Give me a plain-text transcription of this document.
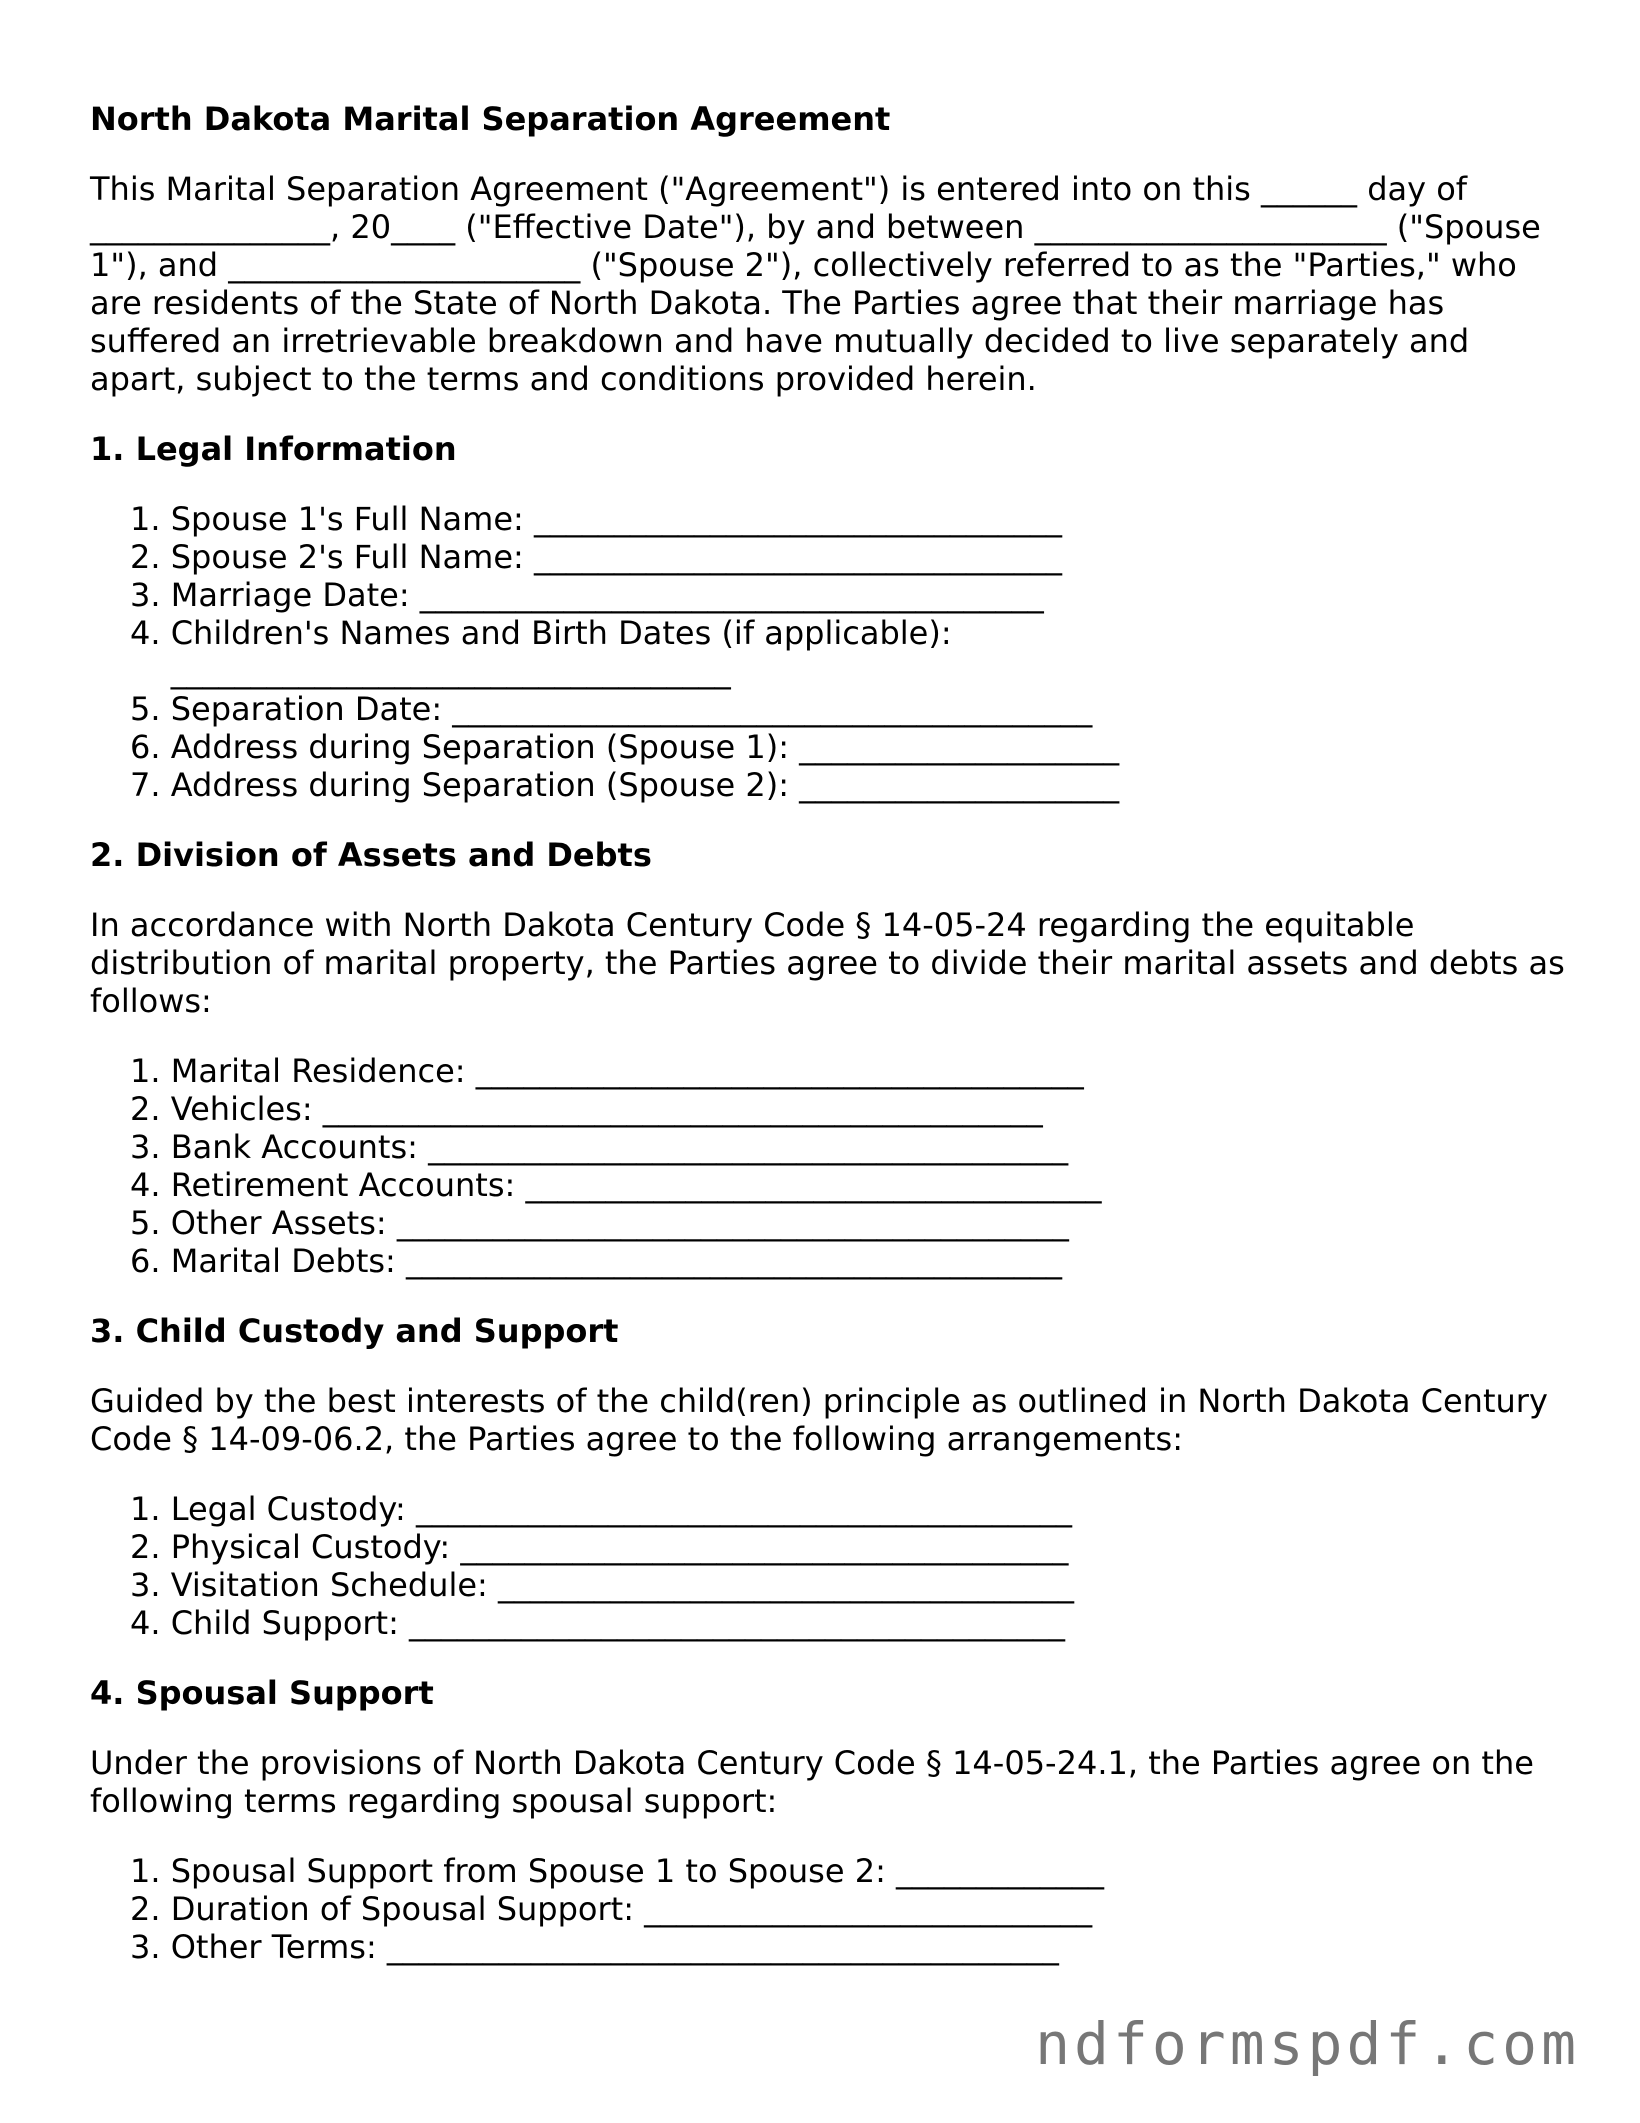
North Dakota Marital Separation Agreement

This Marital Separation Agreement ("Agreement") is entered into on this ______ day of _______________, 20____ ("Effective Date"), by and between ______________________ ("Spouse 1"), and ______________________ ("Spouse 2"), collectively referred to as the "Parties," who are residents of the State of North Dakota. The Parties agree that their marriage has suffered an irretrievable breakdown and have mutually decided to live separately and apart, subject to the terms and conditions provided herein.

1. Legal Information
1. Spouse 1's Full Name: _________________________________
2. Spouse 2's Full Name: _________________________________
3. Marriage Date: _______________________________________
4. Children's Names and Birth Dates (if applicable):
___________________________________
5. Separation Date: ________________________________________
6. Address during Separation (Spouse 1): ____________________
7. Address during Separation (Spouse 2): ____________________
2. Division of Assets and Debts

In accordance with North Dakota Century Code § 14-05-24 regarding the equitable distribution of marital property, the Parties agree to divide their marital assets and debts as follows:

1. Marital Residence: ______________________________________
2. Vehicles: _____________________________________________
3. Bank Accounts: ________________________________________
4. Retirement Accounts: ____________________________________
5. Other Assets: __________________________________________
6. Marital Debts: _________________________________________
3. Child Custody and Support

Guided by the best interests of the child(ren) principle as outlined in North Dakota Century Code § 14-09-06.2, the Parties agree to the following arrangements:

1. Legal Custody: _________________________________________
2. Physical Custody: ______________________________________
3. Visitation Schedule: ____________________________________
4. Child Support: _________________________________________
4. Spousal Support

Under the provisions of North Dakota Century Code § 14-05-24.1, the Parties agree on the following terms regarding spousal support:

1. Spousal Support from Spouse 1 to Spouse 2: _____________
2. Duration of Spousal Support: ____________________________
3. Other Terms: __________________________________________
ndformspdf.com
